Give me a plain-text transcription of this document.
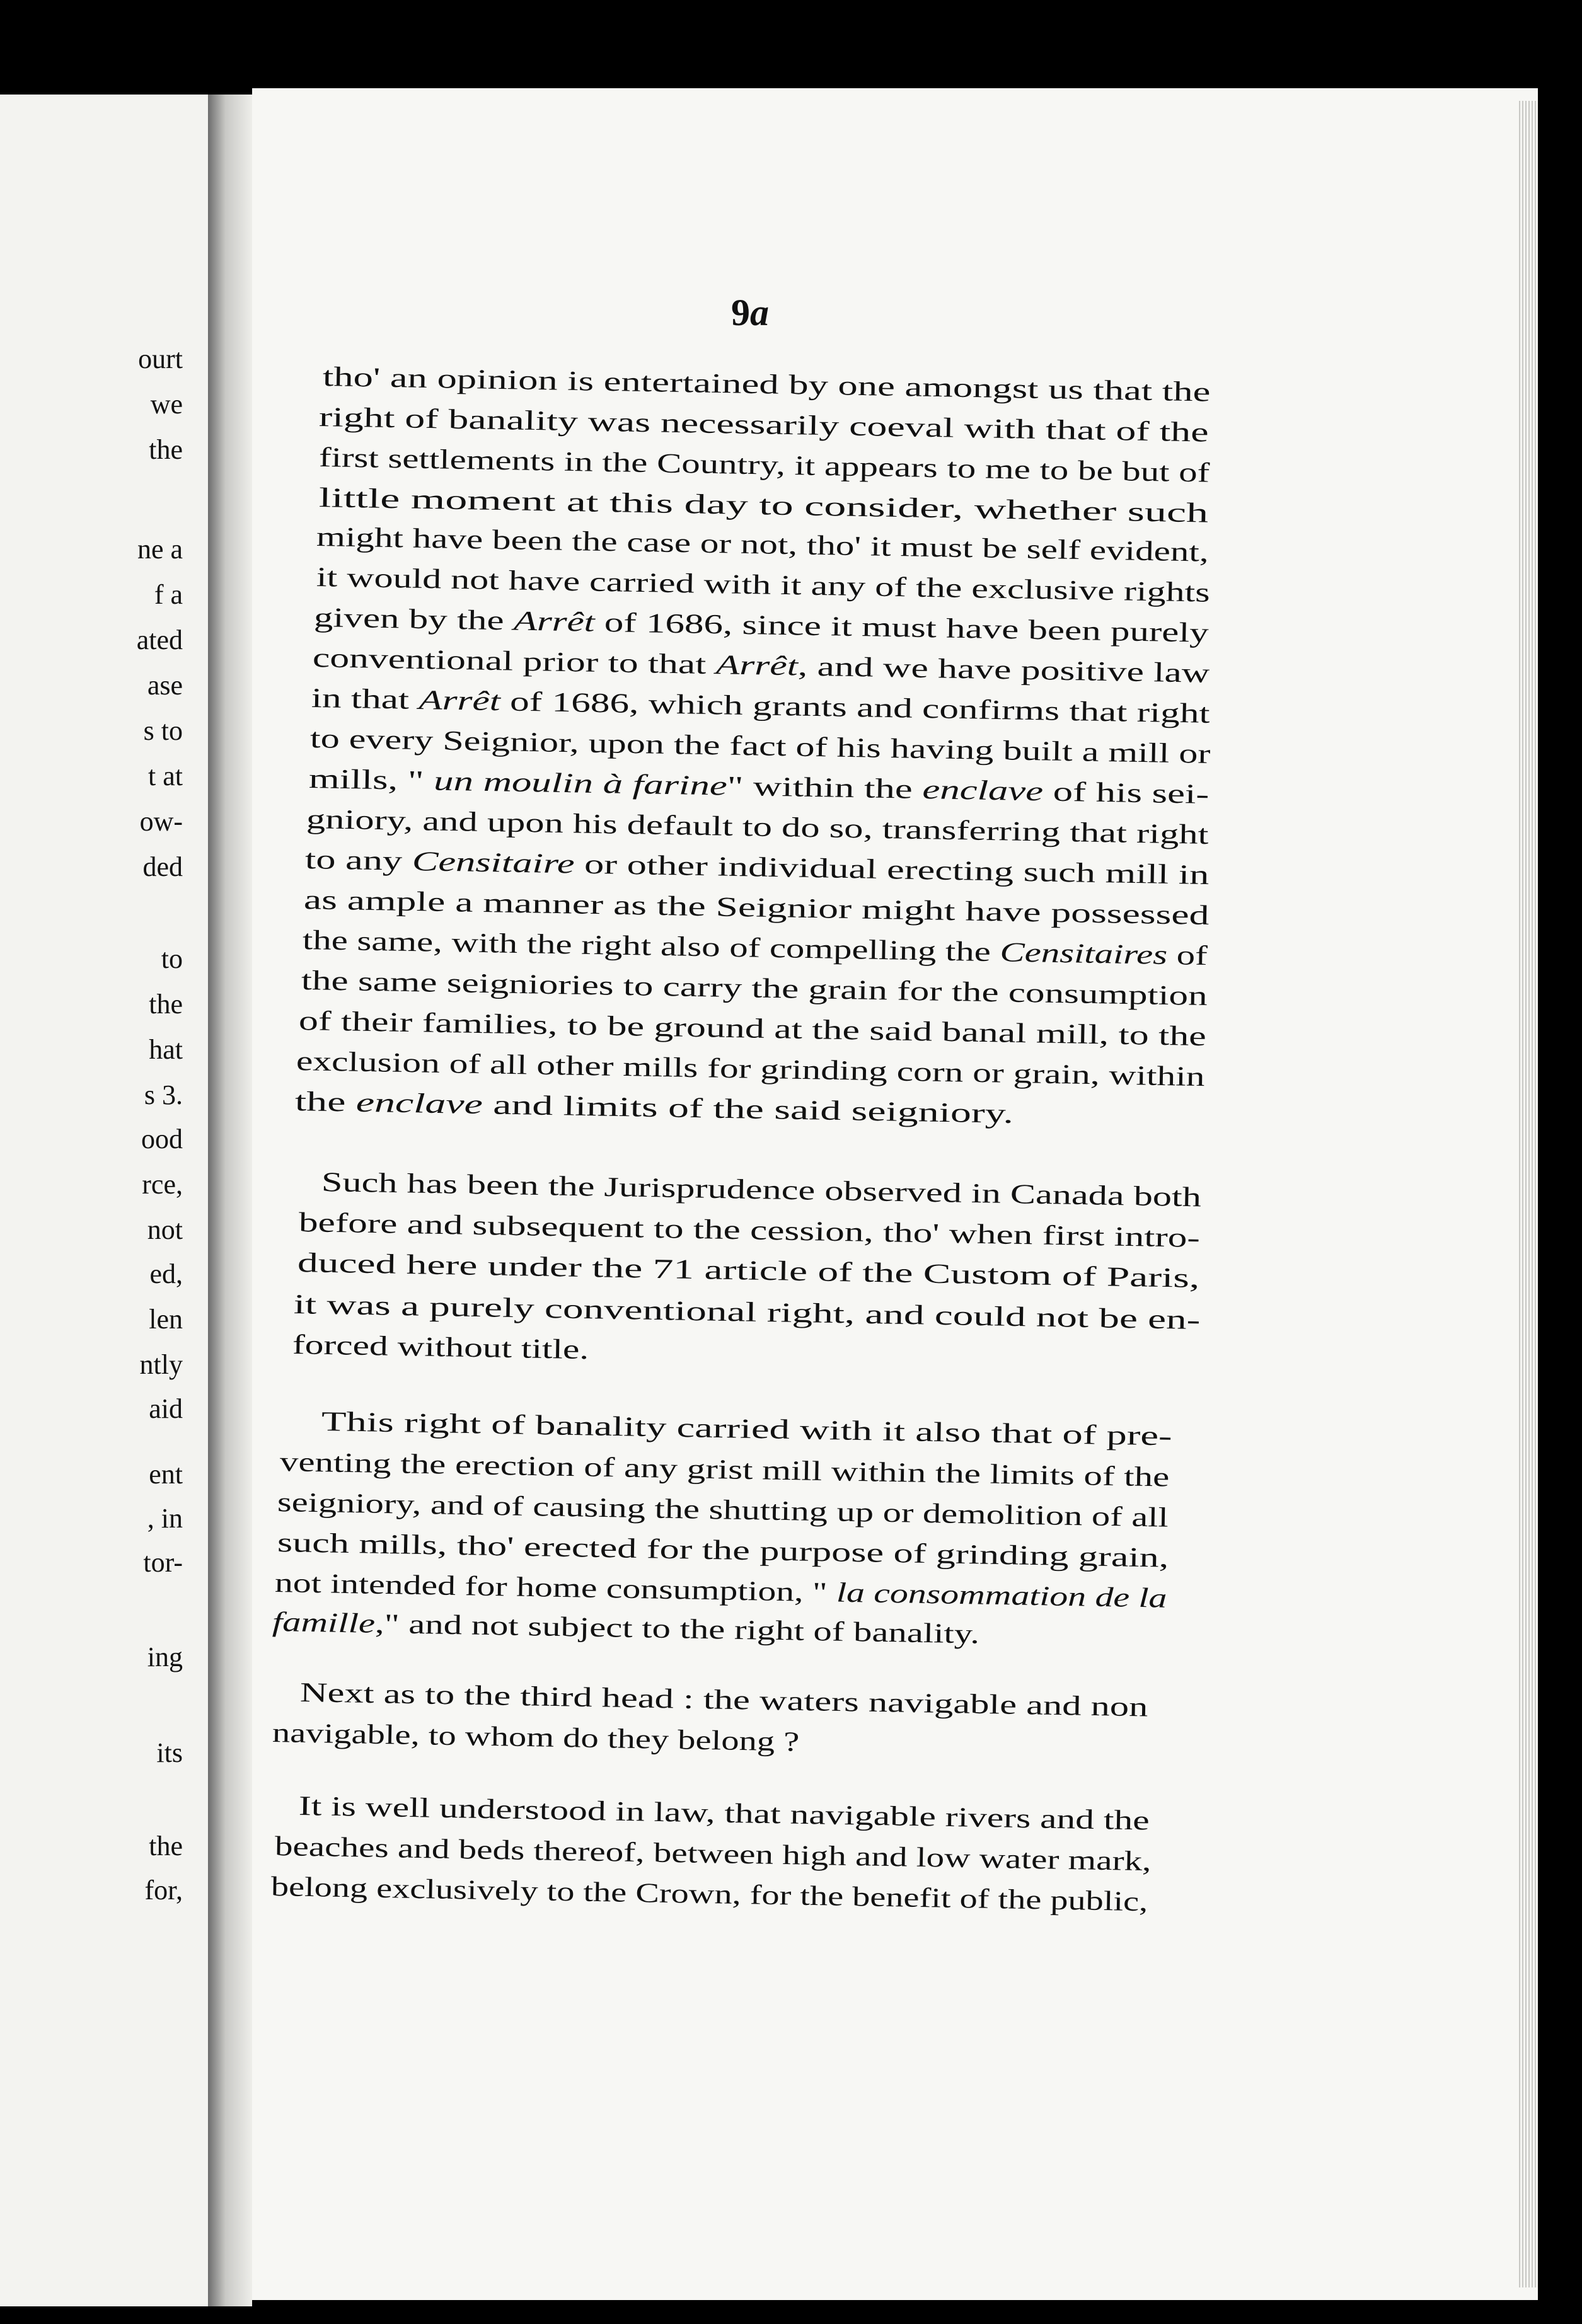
ourt
we
the
ne a
f a
ated
ase
s to
t at
ow-
ded
to
the
hat
s 3.
ood
rce,
not
ed,
len
ntly
aid
ent
, in
tor-
ing
its
the
for,
9a
tho' an opinion is entertained by one amongst us that the
right of banality was necessarily coeval with that of the
first settlements in the Country, it appears to me to be but of
little moment at this day to consider, whether such
might have been the case or not, tho' it must be self evident,
it would not have carried with it any of the exclusive rights
given by the Arrêt of 1686, since it must have been purely
conventional prior to that Arrêt, and we have positive law
in that Arrêt of 1686, which grants and confirms that right
to every Seignior, upon the fact of his having built a mill or
mills, " un moulin à farine" within the enclave of his sei-
gniory, and upon his default to do so, transferring that right
to any Censitaire or other individual erecting such mill in
as ample a manner as the Seignior might have possessed
the same, with the right also of compelling the Censitaires of
the same seigniories to carry the grain for the consumption
of their families, to be ground at the said banal mill, to the
exclusion of all other mills for grinding corn or grain, within
the enclave and limits of the said seigniory.
Such has been the Jurisprudence observed in Canada both
before and subsequent to the cession, tho' when first intro-
duced here under the 71 article of the Custom of Paris,
it was a purely conventional right, and could not be en-
forced without title.
This right of banality carried with it also that of pre-
venting the erection of any grist mill within the limits of the
seigniory, and of causing the shutting up or demolition of all
such mills, tho' erected for the purpose of grinding grain,
not intended for home consumption, " la consommation de la
famille," and not subject to the right of banality.
Next as to the third head : the waters navigable and non
navigable, to whom do they belong ?
It is well understood in law, that navigable rivers and the
beaches and beds thereof, between high and low water mark,
belong exclusively to the Crown, for the benefit of the public,
